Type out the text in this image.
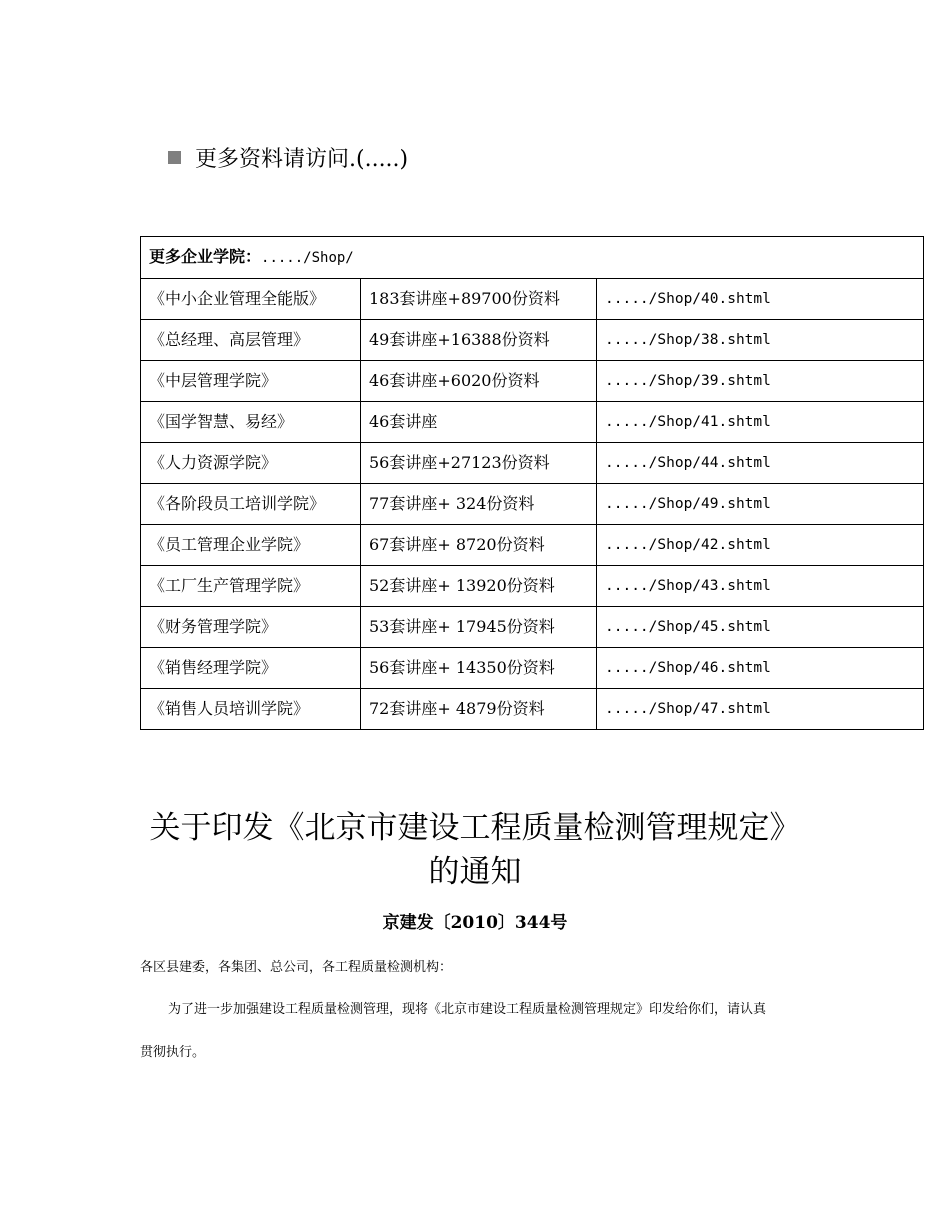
更多资料请访问.(.....)
更多企业学院：...../Shop/		
《中小企业管理全能版》	183套讲座+89700份资料	...../Shop/40.shtml
《总经理、高层管理》	49套讲座+16388份资料	...../Shop/38.shtml
《中层管理学院》	46套讲座+6020份资料	...../Shop/39.shtml
《国学智慧、易经》	46套讲座	...../Shop/41.shtml
《人力资源学院》	56套讲座+27123份资料	...../Shop/44.shtml
《各阶段员工培训学院》	77套讲座+ 324份资料	...../Shop/49.shtml
《员工管理企业学院》	67套讲座+ 8720份资料	...../Shop/42.shtml
《工厂生产管理学院》	52套讲座+ 13920份资料	...../Shop/43.shtml
《财务管理学院》	53套讲座+ 17945份资料	...../Shop/45.shtml
《销售经理学院》	56套讲座+ 14350份资料	...../Shop/46.shtml
《销售人员培训学院》	72套讲座+ 4879份资料	...../Shop/47.shtml
关于印发《北京市建设工程质量检测管理规定》的通知
京建发〔2010〕344号
各区县建委，各集团、总公司，各工程质量检测机构：
为了进一步加强建设工程质量检测管理，现将《北京市建设工程质量检测管理规定》印发给你们，请认真
贯彻执行。
